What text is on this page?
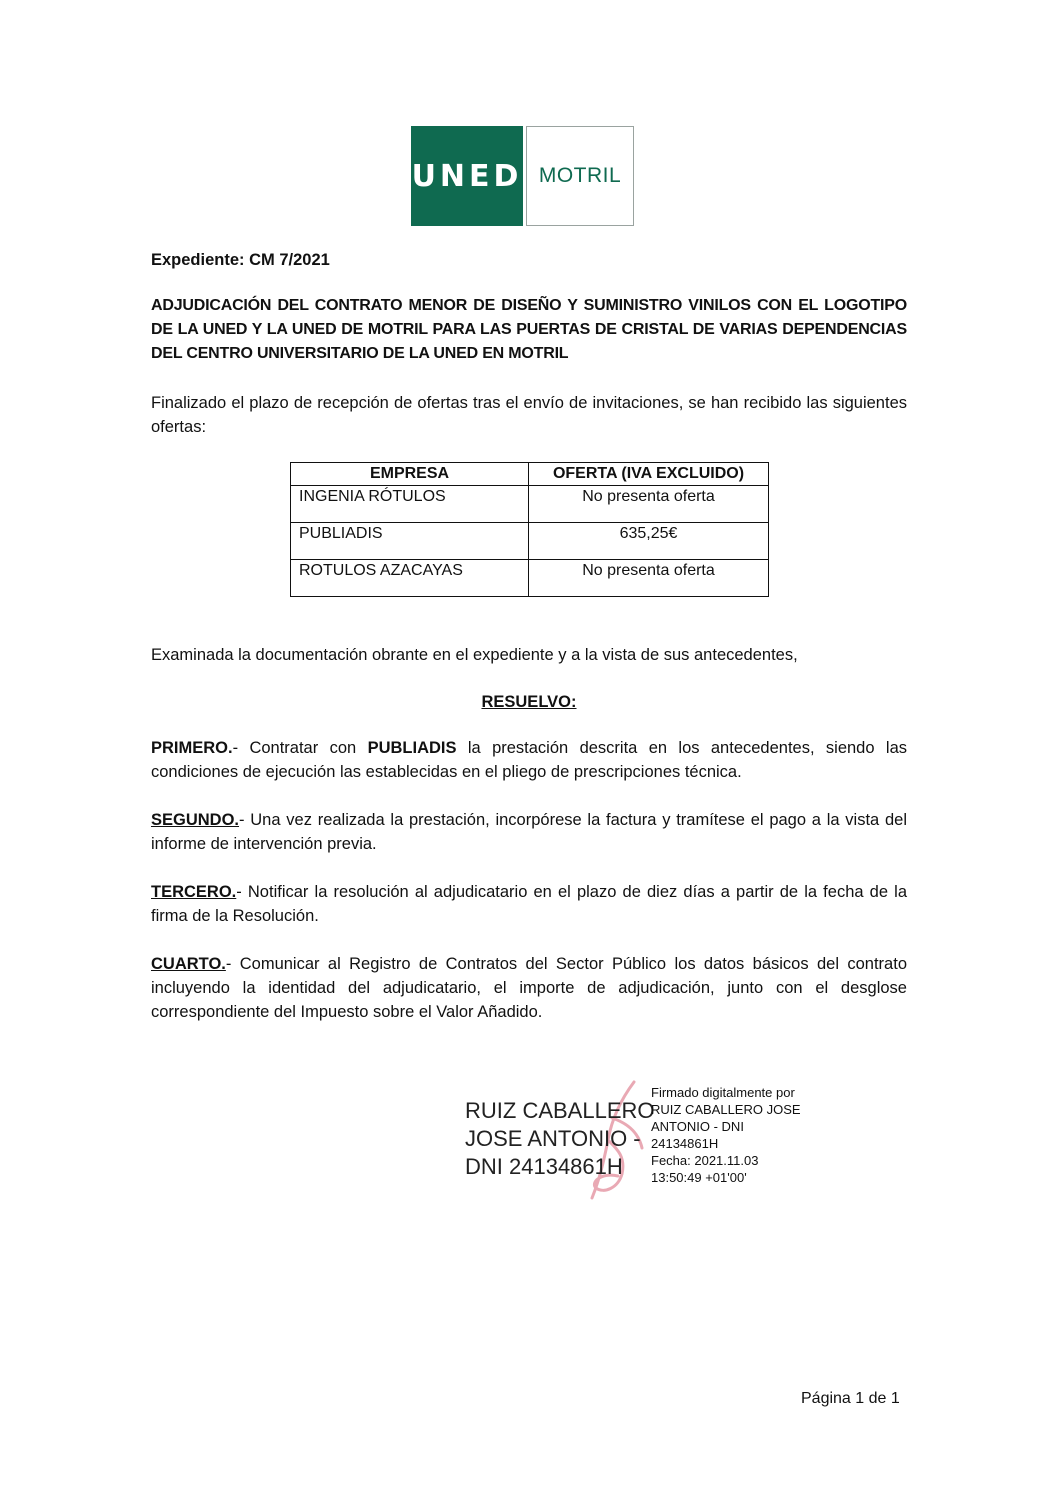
UNED MOTRIL
Expediente: CM 7/2021
ADJUDICACIÓN DEL CONTRATO MENOR DE DISEÑO Y SUMINISTRO VINILOS CON EL LOGOTIPO DE LA UNED Y LA UNED DE MOTRIL PARA LAS PUERTAS DE CRISTAL DE VARIAS DEPENDENCIAS DEL CENTRO UNIVERSITARIO DE LA UNED EN MOTRIL
Finalizado el plazo de recepción de ofertas tras el envío de invitaciones, se han recibido las siguientes ofertas:
EMPRESA	OFERTA (IVA EXCLUIDO)
INGENIA RÓTULOS	No presenta oferta
PUBLIADIS	635,25€
ROTULOS AZACAYAS	No presenta oferta
Examinada la documentación obrante en el expediente y a la vista de sus antecedentes,
RESUELVO:
PRIMERO.- Contratar con PUBLIADIS la prestación descrita en los antecedentes, siendo las condiciones de ejecución las establecidas en el pliego de prescripciones técnica.
SEGUNDO.- Una vez realizada la prestación, incorpórese la factura y tramítese el pago a la vista del informe de intervención previa.
TERCERO.- Notificar la resolución al adjudicatario en el plazo de diez días a partir de la fecha de la firma de la Resolución.
CUARTO.- Comunicar al Registro de Contratos del Sector Público los datos básicos del contrato incluyendo la identidad del adjudicatario, el importe de adjudicación, junto con el desglose correspondiente del Impuesto sobre el Valor Añadido.
RUIZ CABALLERO
JOSE ANTONIO -
DNI 24134861H
Firmado digitalmente por
RUIZ CABALLERO JOSE
ANTONIO - DNI
24134861H
Fecha: 2021.11.03
13:50:49 +01'00'
Página 1 de 1
